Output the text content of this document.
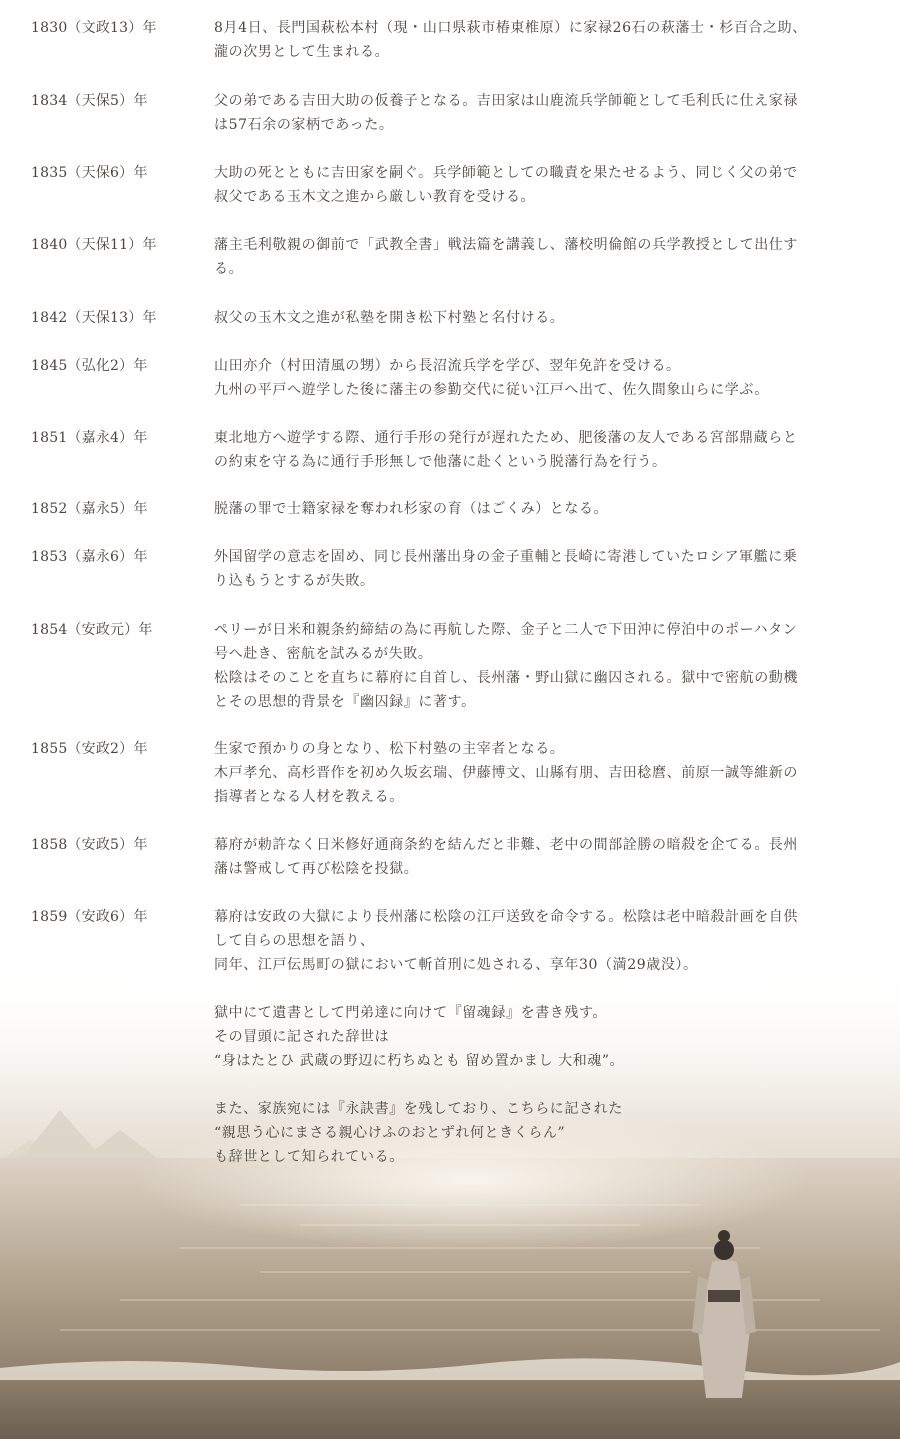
1830（文政13）年	8月4日、長門国萩松本村（現・山口県萩市椿東椎原）に家禄26石の萩藩士・杉百合之助、
瀧の次男として生まれる。
1834（天保5）年	父の弟である吉田大助の仮養子となる。吉田家は山鹿流兵学師範として毛利氏に仕え家禄
は57石余の家柄であった。
1835（天保6）年	大助の死とともに吉田家を嗣ぐ。兵学師範としての職責を果たせるよう、同じく父の弟で
叔父である玉木文之進から厳しい教育を受ける。
1840（天保11）年	藩主毛利敬親の御前で「武教全書」戦法篇を講義し、藩校明倫館の兵学教授として出仕す
る。
1842（天保13）年	叔父の玉木文之進が私塾を開き松下村塾と名付ける。
1845（弘化2）年	山田亦介（村田清風の甥）から長沼流兵学を学び、翌年免許を受ける。
九州の平戸へ遊学した後に藩主の参勤交代に従い江戸へ出て、佐久間象山らに学ぶ。
1851（嘉永4）年	東北地方へ遊学する際、通行手形の発行が遅れたため、肥後藩の友人である宮部鼎蔵らと
の約束を守る為に通行手形無しで他藩に赴くという脱藩行為を行う。
1852（嘉永5）年	脱藩の罪で士籍家禄を奪われ杉家の育（はごくみ）となる。
1853（嘉永6）年	外国留学の意志を固め、同じ長州藩出身の金子重輔と長崎に寄港していたロシア軍艦に乗
り込もうとするが失敗。
1854（安政元）年	ペリーが日米和親条約締結の為に再航した際、金子と二人で下田沖に停泊中のポーハタン
号へ赴き、密航を試みるが失敗。
松陰はそのことを直ちに幕府に自首し、長州藩・野山獄に幽囚される。獄中で密航の動機
とその思想的背景を『幽囚録』に著す。
1855（安政2）年	生家で預かりの身となり、松下村塾の主宰者となる。
木戸孝允、高杉晋作を初め久坂玄瑞、伊藤博文、山縣有朋、吉田稔麿、前原一誠等維新の
指導者となる人材を教える。
1858（安政5）年	幕府が勅許なく日米修好通商条約を結んだと非難、老中の間部詮勝の暗殺を企てる。長州
藩は警戒して再び松陰を投獄。
1859（安政6）年	幕府は安政の大獄により長州藩に松陰の江戸送致を命令する。松陰は老中暗殺計画を自供
して自らの思想を語り、
同年、江戸伝馬町の獄において斬首刑に処される、享年30（満29歳没）。

獄中にて遺書として門弟達に向けて『留魂録』を書き残す。
その冒頭に記された辞世は
“身はたとひ 武蔵の野辺に朽ちぬとも 留め置かまし 大和魂”。

また、家族宛には『永訣書』を残しており、こちらに記された
“親思う心にまさる親心けふのおとずれ何ときくらん”
も辞世として知られている。
